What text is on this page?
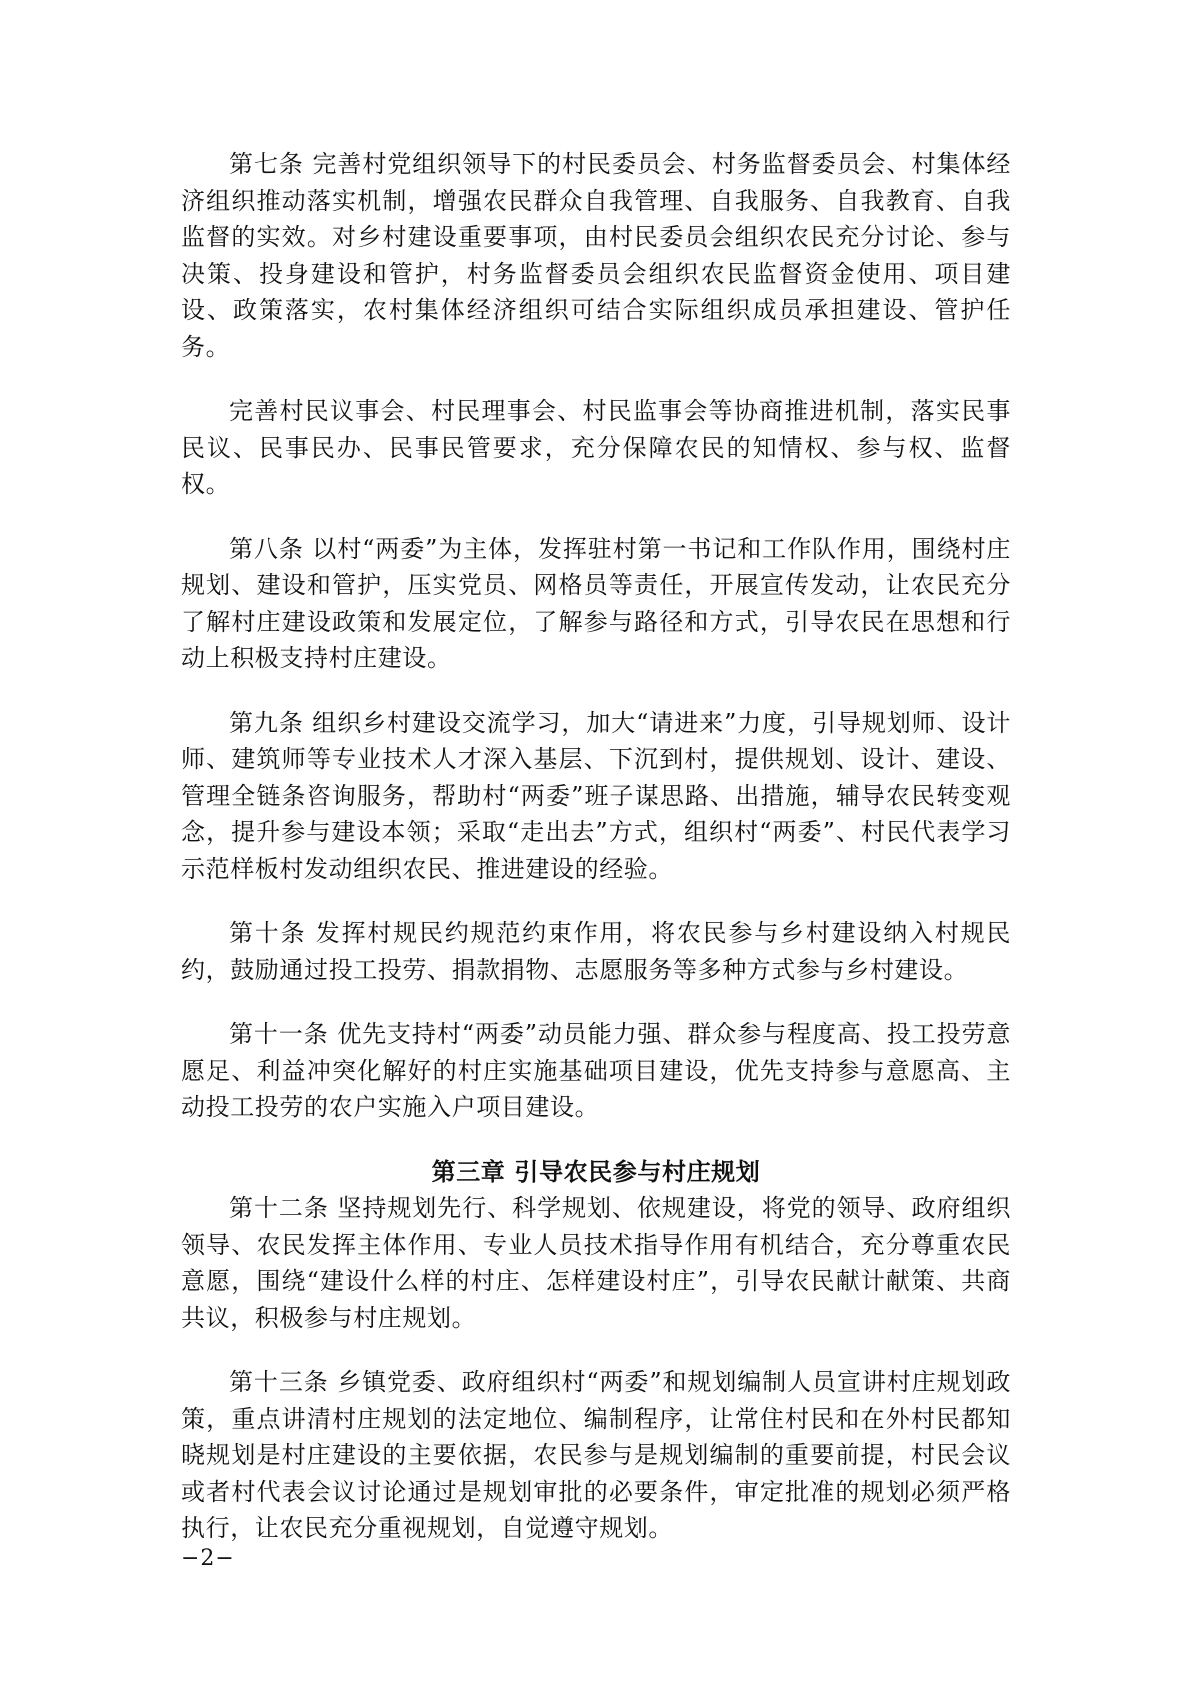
第七条 完善村党组织领导下的村民委员会、村务监督委员会、村集体经济组织推动落实机制，增强农民群众自我管理、自我服务、自我教育、自我监督的实效。对乡村建设重要事项，由村民委员会组织农民充分讨论、参与决策、投身建设和管护，村务监督委员会组织农民监督资金使用、项目建设、政策落实，农村集体经济组织可结合实际组织成员承担建设、管护任务。

完善村民议事会、村民理事会、村民监事会等协商推进机制，落实民事民议、民事民办、民事民管要求，充分保障农民的知情权、参与权、监督权。

第八条 以村“两委”为主体，发挥驻村第一书记和工作队作用，围绕村庄规划、建设和管护，压实党员、网格员等责任，开展宣传发动，让农民充分了解村庄建设政策和发展定位，了解参与路径和方式，引导农民在思想和行动上积极支持村庄建设。

第九条 组织乡村建设交流学习，加大“请进来”力度，引导规划师、设计师、建筑师等专业技术人才深入基层、下沉到村，提供规划、设计、建设、管理全链条咨询服务，帮助村“两委”班子谋思路、出措施，辅导农民转变观念，提升参与建设本领；采取“走出去”方式，组织村“两委”、村民代表学习示范样板村发动组织农民、推进建设的经验。

第十条 发挥村规民约规范约束作用，将农民参与乡村建设纳入村规民约，鼓励通过投工投劳、捐款捐物、志愿服务等多种方式参与乡村建设。

第十一条 优先支持村“两委”动员能力强、群众参与程度高、投工投劳意愿足、利益冲突化解好的村庄实施基础项目建设，优先支持参与意愿高、主动投工投劳的农户实施入户项目建设。

第三章 引导农民参与村庄规划

第十二条 坚持规划先行、科学规划、依规建设，将党的领导、政府组织领导、农民发挥主体作用、专业人员技术指导作用有机结合，充分尊重农民意愿，围绕“建设什么样的村庄、怎样建设村庄”，引导农民献计献策、共商共议，积极参与村庄规划。

第十三条 乡镇党委、政府组织村“两委”和规划编制人员宣讲村庄规划政策，重点讲清村庄规划的法定地位、编制程序，让常住村民和在外村民都知晓规划是村庄建设的主要依据，农民参与是规划编制的重要前提，村民会议或者村代表会议讨论通过是规划审批的必要条件，审定批准的规划必须严格执行，让农民充分重视规划，自觉遵守规划。

−2−
